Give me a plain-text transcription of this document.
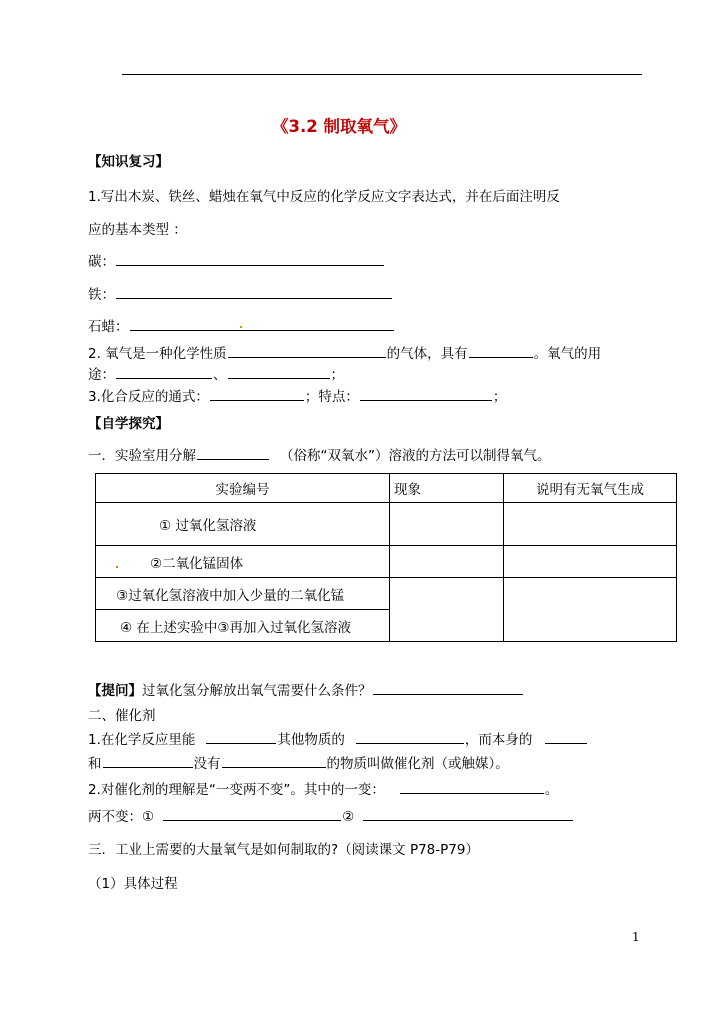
《3.2 制取氧气》
【知识复习】
1.写出木炭、铁丝、蜡烛在氧气中反应的化学反应文字表达式，并在后面注明反
应的基本类型 ：
碳：
铁：
石蜡：
2. 氧气是一种化学性质	的气体，具有	。氧气的用
途：	、	；
3.化合反应的通式：	；特点：	；
【自学探究】
一．实验室用分解	（俗称“双氧水”）溶液的方法可以制得氧气。
实验编号	现象	说明有无氧气生成
① 过氧化氢溶液		
②二氧化锰固体		
③过氧化氢溶液中加入少量的二氧化锰		
④ 在上述实验中③再加入过氧化氢溶液		
【提问】过氧化氢分解放出氧气需要什么条件？
二、催化剂
1.在化学反应里能	其他物质的	，而本身的
和	没有	的物质叫做催化剂（或触媒）。
2.对催化剂的理解是“一变两不变”。其中的一变：	。
两不变：①	②
三．工业上需要的大量氧气是如何制取的?（阅读课文 P78-P79）
（1）具体过程
1
